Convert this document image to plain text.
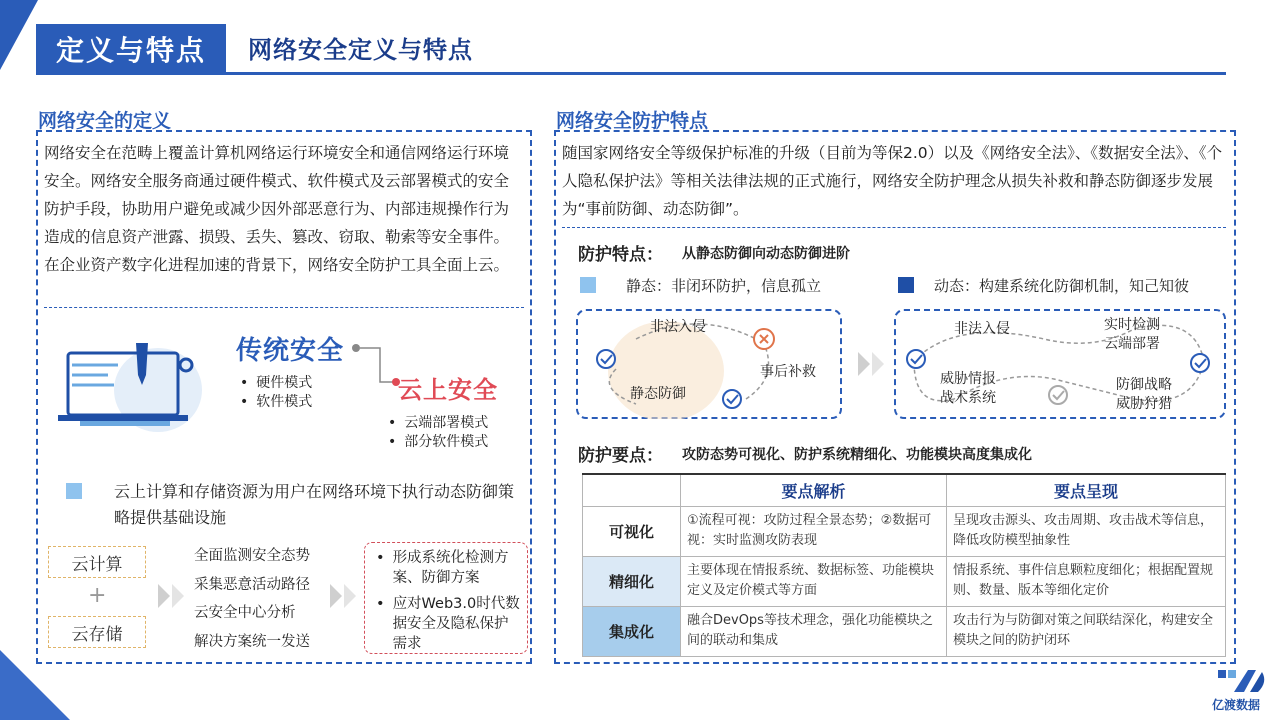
定义与特点	网络安全定义与特点
网络安全的定义
网络安全在范畴上覆盖计算机网络运行环境安全和通信网络运行环境安全。网络安全服务商通过硬件模式、软件模式及云部署模式的安全防护手段，协助用户避免或减少因外部恶意行为、内部违规操作行为造成的信息资产泄露、损毁、丢失、篡改、窃取、勒索等安全事件。在企业资产数字化进程加速的背景下，网络安全防护工具全面上云。
传统安全
• 硬件模式
• 软件模式	云上安全
• 云端部署模式
• 部分软件模式
云上计算和存储资源为用户在网络环境下执行动态防御策略提供基础设施
云计算
+
云存储
全面监测安全态势
采集恶意活动路径
云安全中心分析
解决方案统一发送
• 形成系统化检测方案、防御方案
• 应对Web3.0时代数据安全及隐私保护需求
网络安全防护特点
随国家网络安全等级保护标准的升级（目前为等保2.0）以及《网络安全法》、《数据安全法》、《个人隐私保护法》等相关法律法规的正式施行，网络安全防护理念从损失补救和静态防御逐步发展为“事前防御、动态防御”。
防护特点： 从静态防御向动态防御进阶
静态：非闭环防护，信息孤立	动态：构建系统化防御机制，知己知彼
非法入侵
事后补救
静态防御
非法入侵	实时检测
云端部署
威胁情报
战术系统
防御战略
威胁狩猎
防护要点： 攻防态势可视化、防护系统精细化、功能模块高度集成化
	要点解析	要点呈现
可视化	①流程可视：攻防过程全景态势；②数据可视：实时监测攻防表现	呈现攻击源头、攻击周期、攻击战术等信息，降低攻防模型抽象性
精细化	主要体现在情报系统、数据标签、功能模块定义及定价模式等方面	情报系统、事件信息颗粒度细化；根据配置规则、数量、版本等细化定价
集成化	融合DevOps等技术理念，强化功能模块之间的联动和集成	攻击行为与防御对策之间联结深化，构建安全模块之间的防护闭环
亿渡数据
